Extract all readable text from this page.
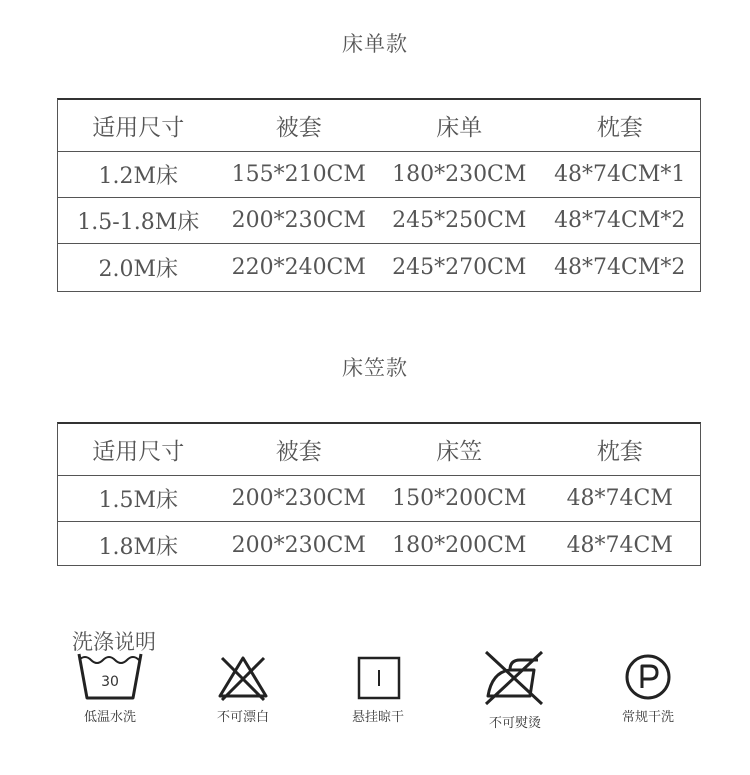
床单款
适用尺寸	被套	床单	枕套
1.2M床	155*210CM	180*230CM	48*74CM*1
1.5-1.8M床	200*230CM	245*250CM	48*74CM*2
2.0M床	220*240CM	245*270CM	48*74CM*2
床笠款
适用尺寸	被套	床笠	枕套
1.5M床	200*230CM	150*200CM	48*74CM
1.8M床	200*230CM	180*200CM	48*74CM
洗涤说明
30
低温水洗	不可漂白	悬挂晾干	不可熨烫	常规干洗
